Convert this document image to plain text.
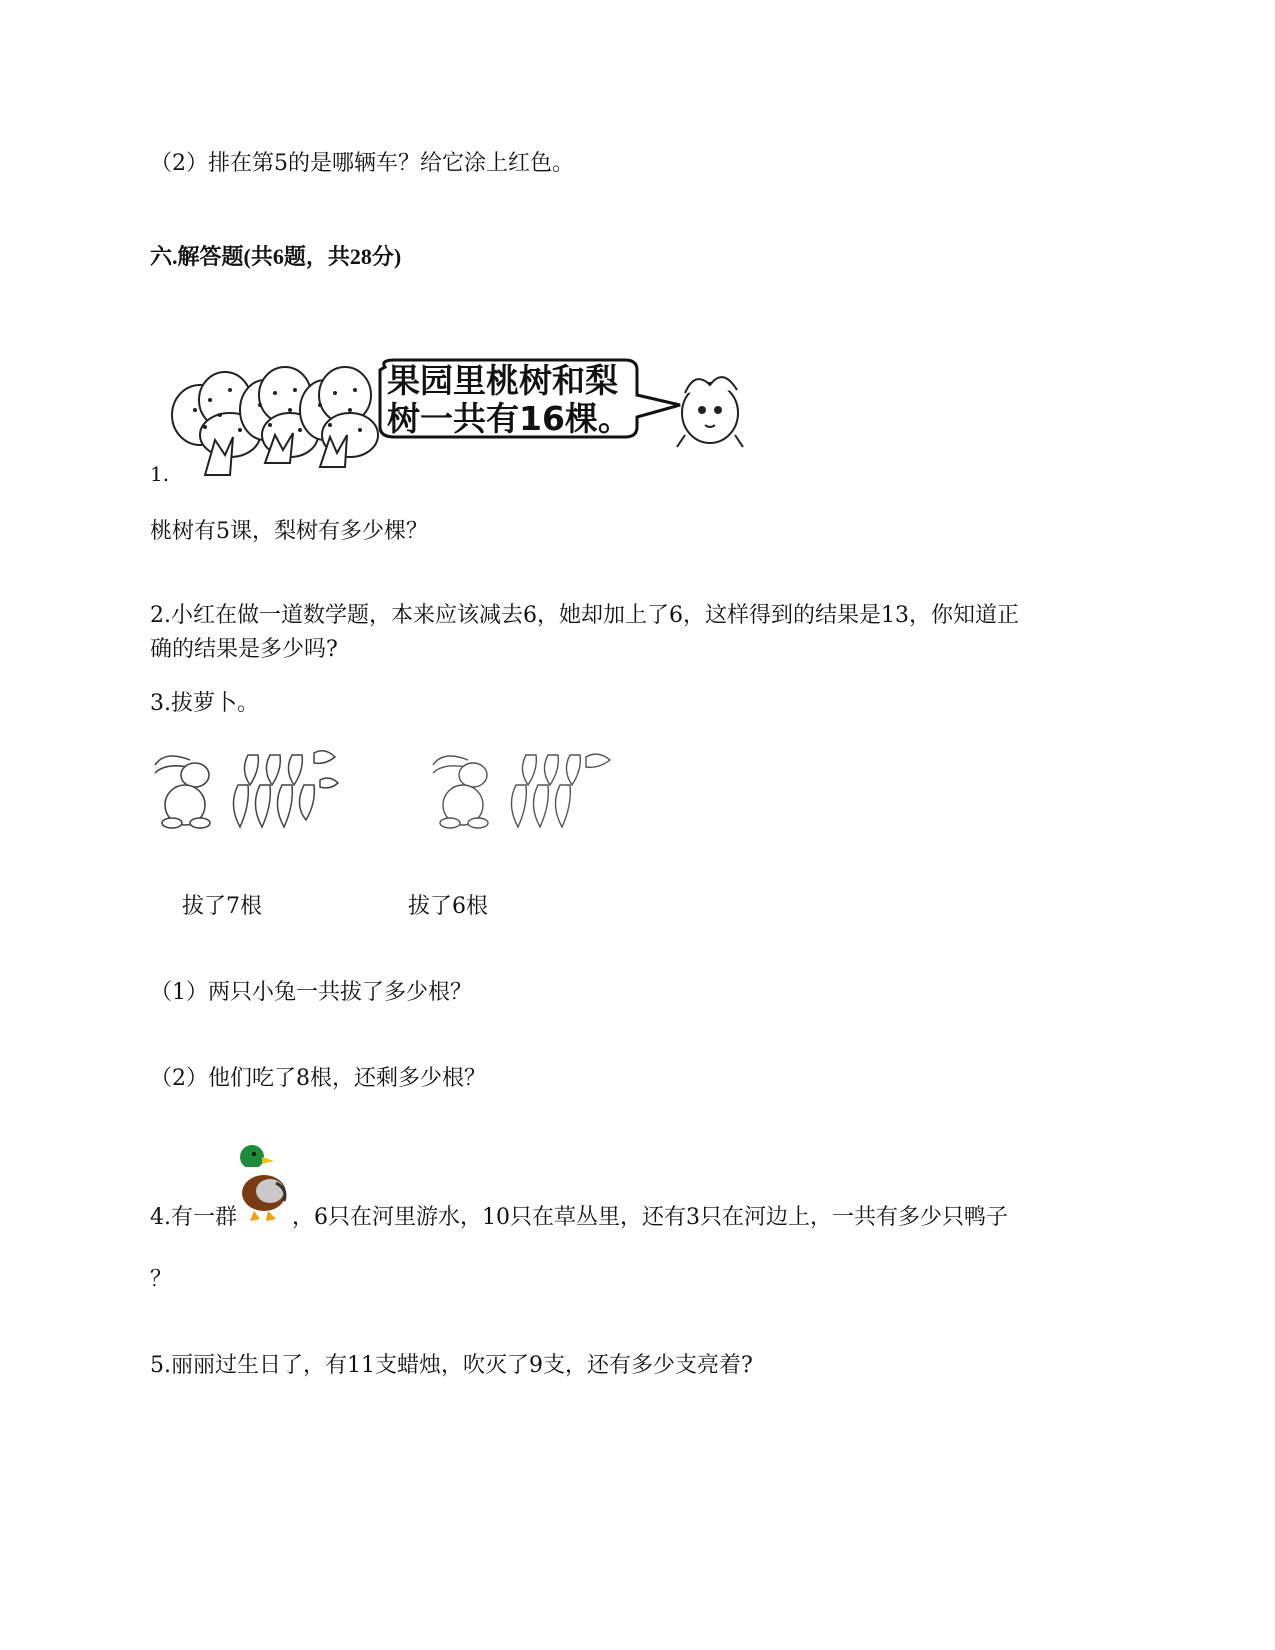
（2）排在第5的是哪辆车？给它涂上红色。
六.解答题(共6题，共28分)
1.
果园里桃树和梨
树一共有16棵。
桃树有5课，梨树有多少棵？
2.小红在做一道数学题，本来应该减去6，她却加上了6，这样得到的结果是13，你知道正
确的结果是多少吗?
3.拔萝卜。
拔了7根	拔了6根
（1）两只小兔一共拔了多少根？
（2）他们吃了8根，还剩多少根？
4.有一群	，6只在河里游水，10只在草丛里，还有3只在河边上，一共有多少只鸭子
？
5.丽丽过生日了，有11支蜡烛，吹灭了9支，还有多少支亮着?
